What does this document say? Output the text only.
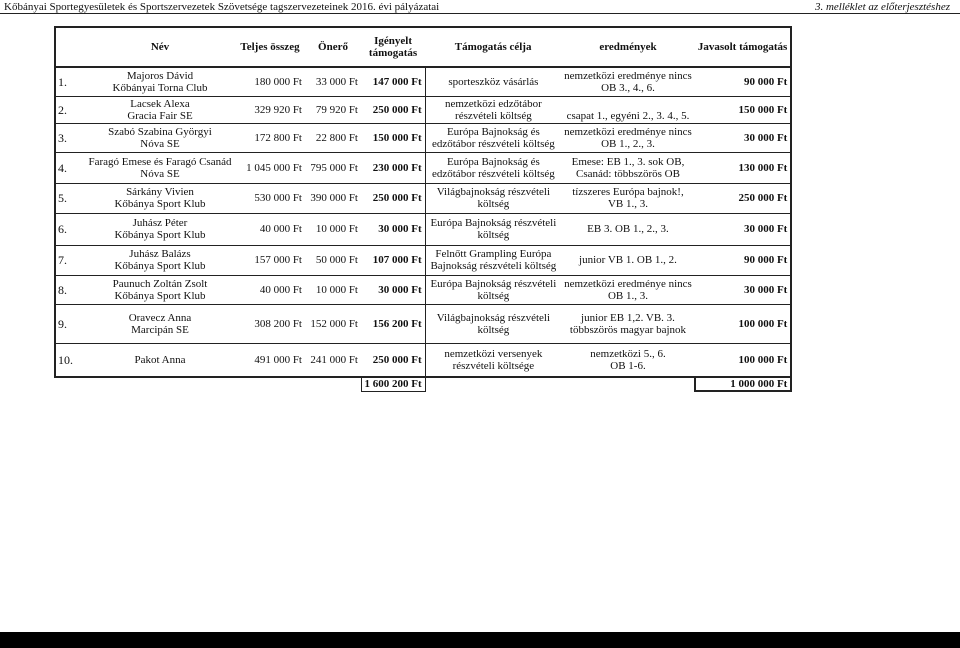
Kőbányai Sportegyesületek és Sportszervezetek Szövetsége tagszervezeteinek 2016. évi pályázatai	3. melléklet az előterjesztéshez
	Név	Teljes összeg	Önerő	Igényelt
támogatás	Támogatás célja	eredmények	Javasolt támogatás
1.	Majoros Dávid
Kőbányai Torna Club	180 000 Ft	33 000 Ft	147 000 Ft	sporteszköz vásárlás	nemzetközi eredménye nincs
OB 3., 4., 6.	90 000 Ft
2.	Lacsek Alexa
Gracia Fair SE	329 920 Ft	79 920 Ft	250 000 Ft	nemzetközi edzőtábor
részvételi költség	csapat 1., egyéni 2., 3. 4., 5.	150 000 Ft
3.	Szabó Szabina Györgyi
Nóva SE	172 800 Ft	22 800 Ft	150 000 Ft	Európa Bajnokság és
edzőtábor részvételi költség	nemzetközi eredménye nincs
OB 1., 2., 3.	30 000 Ft
4.	Faragó Emese és Faragó Csanád
Nóva SE	1 045 000 Ft	795 000 Ft	230 000 Ft	Európa Bajnokság és
edzőtábor részvételi költség	Emese: EB 1., 3. sok OB,
Csanád: többszörös OB	130 000 Ft
5.	Sárkány Vivien
Kőbánya Sport Klub	530 000 Ft	390 000 Ft	250 000 Ft	Világbajnokság részvételi
költség	tízszeres Európa bajnok!,
VB 1., 3.	250 000 Ft
6.	Juhász Péter
Kőbánya Sport Klub	40 000 Ft	10 000 Ft	30 000 Ft	Európa Bajnokság részvételi
költség	EB 3. OB 1., 2., 3.	30 000 Ft
7.	Juhász Balázs
Kőbánya Sport Klub	157 000 Ft	50 000 Ft	107 000 Ft	Felnőtt Grampling Európa
Bajnokság részvételi költség	junior VB 1. OB 1., 2.	90 000 Ft
8.	Paunuch Zoltán Zsolt
Kőbánya Sport Klub	40 000 Ft	10 000 Ft	30 000 Ft	Európa Bajnokság részvételi
költség	nemzetközi eredménye nincs
OB 1., 3.	30 000 Ft
9.	Oravecz Anna
Marcipán SE	308 200 Ft	152 000 Ft	156 200 Ft	Világbajnokság részvételi
költség	junior EB 1,2. VB. 3.
többszörös magyar bajnok	100 000 Ft
10.	Pakot Anna	491 000 Ft	241 000 Ft	250 000 Ft	nemzetközi versenyek
részvételi költsége	nemzetközi 5., 6.
OB 1-6.	100 000 Ft
				1 600 200 Ft			1 000 000 Ft
